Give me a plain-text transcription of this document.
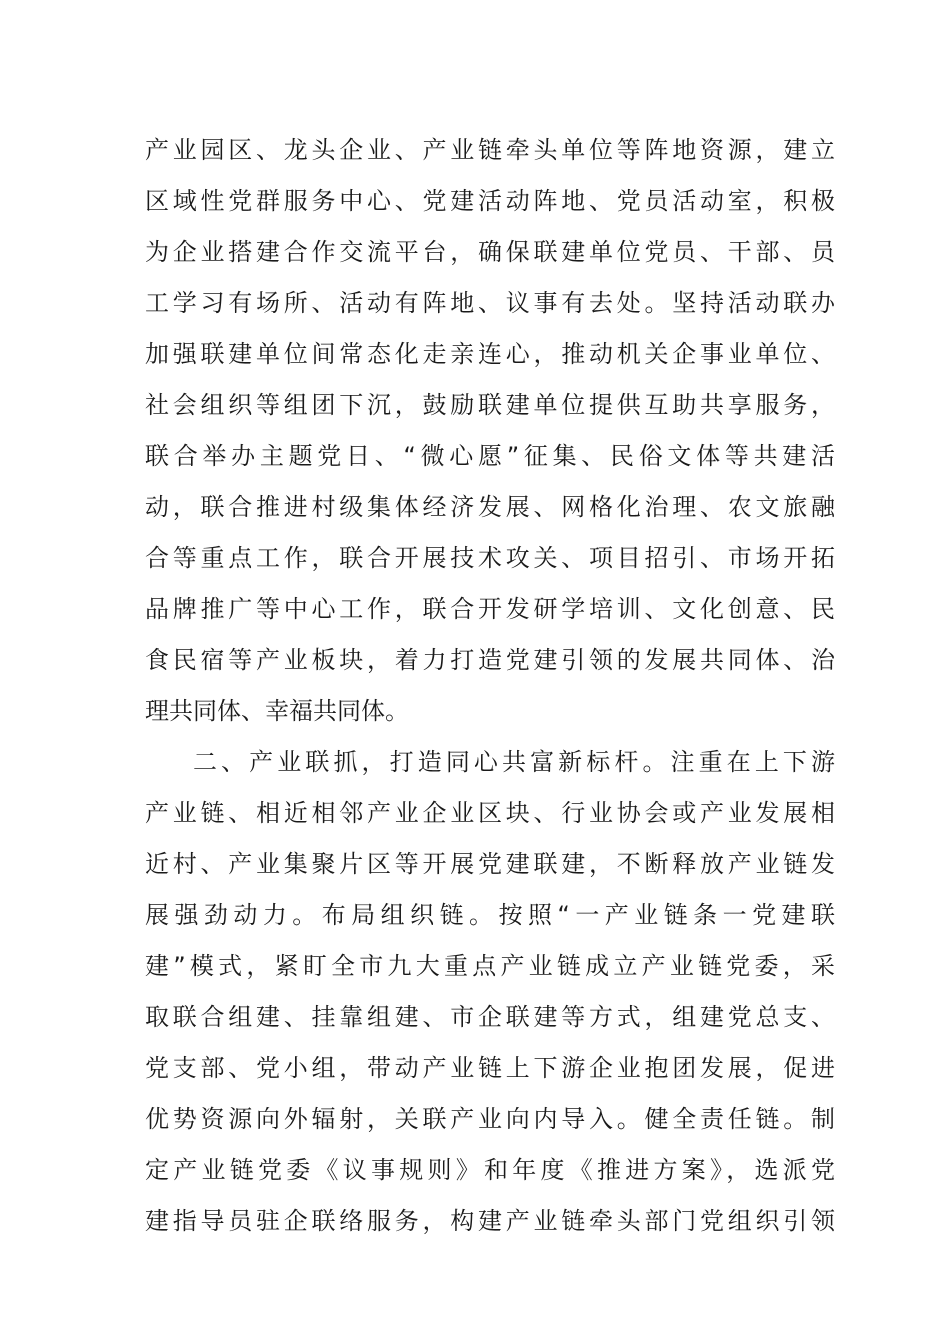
产业园区、龙头企业、产业链牵头单位等阵地资源，建立
区域性党群服务中心、党建活动阵地、党员活动室，积极
为企业搭建合作交流平台，确保联建单位党员、干部、员
工学习有场所、活动有阵地、议事有去处。坚持活动联办
加强联建单位间常态化走亲连心，推动机关企事业单位、
社会组织等组团下沉，鼓励联建单位提供互助共享服务，
联合举办主题党日、“微心愿”征集、民俗文体等共建活
动，联合推进村级集体经济发展、网格化治理、农文旅融
合等重点工作，联合开展技术攻关、项目招引、市场开拓
品牌推广等中心工作，联合开发研学培训、文化创意、民
食民宿等产业板块，着力打造党建引领的发展共同体、治
理共同体、幸福共同体。
二、产业联抓，打造同心共富新标杆。注重在上下游
产业链、相近相邻产业企业区块、行业协会或产业发展相
近村、产业集聚片区等开展党建联建，不断释放产业链发
展强劲动力。布局组织链。按照“一产业链条一党建联
建”模式，紧盯全市九大重点产业链成立产业链党委，采
取联合组建、挂靠组建、市企联建等方式，组建党总支、
党支部、党小组，带动产业链上下游企业抱团发展，促进
优势资源向外辐射，关联产业向内导入。健全责任链。制
定产业链党委《议事规则》和年度《推进方案》，选派党
建指导员驻企联络服务，构建产业链牵头部门党组织引领
